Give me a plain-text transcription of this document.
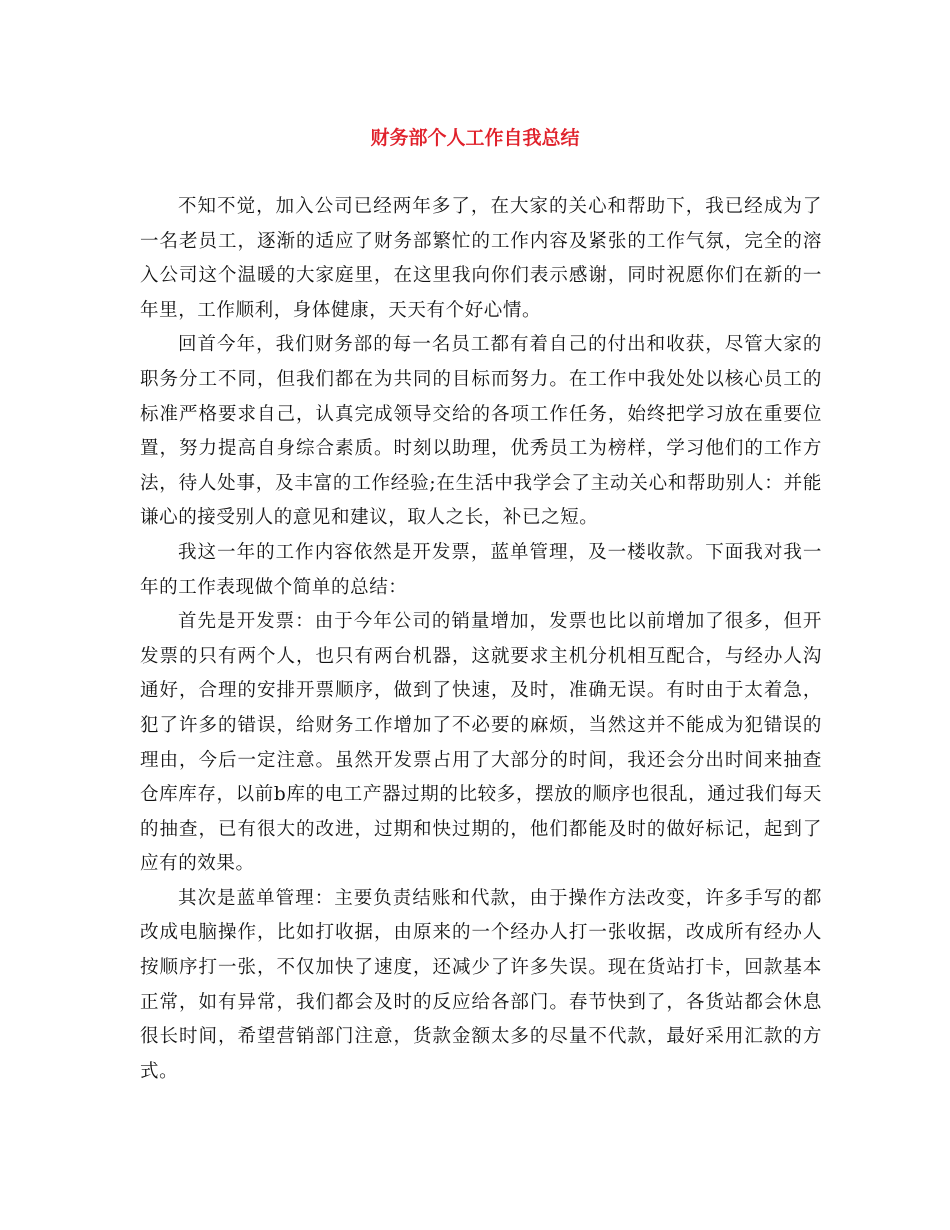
财务部个人工作自我总结

不知不觉，加入公司已经两年多了，在大家的关心和帮助下，我已经成为了一名老员工，逐渐的适应了财务部繁忙的工作内容及紧张的工作气氛，完全的溶入公司这个温暖的大家庭里，在这里我向你们表示感谢，同时祝愿你们在新的一年里，工作顺利，身体健康，天天有个好心情。

回首今年，我们财务部的每一名员工都有着自己的付出和收获，尽管大家的职务分工不同，但我们都在为共同的目标而努力。在工作中我处处以核心员工的标准严格要求自己，认真完成领导交给的各项工作任务，始终把学习放在重要位置，努力提高自身综合素质。时刻以助理，优秀员工为榜样，学习他们的工作方法，待人处事，及丰富的工作经验;在生活中我学会了主动关心和帮助别人：并能谦心的接受别人的意见和建议，取人之长，补已之短。

我这一年的工作内容依然是开发票，蓝单管理，及一楼收款。下面我对我一年的工作表现做个简单的总结：

首先是开发票：由于今年公司的销量增加，发票也比以前增加了很多，但开发票的只有两个人，也只有两台机器，这就要求主机分机相互配合，与经办人沟通好，合理的安排开票顺序，做到了快速，及时，准确无误。有时由于太着急，犯了许多的错误，给财务工作增加了不必要的麻烦，当然这并不能成为犯错误的理由，今后一定注意。虽然开发票占用了大部分的时间，我还会分出时间来抽查仓库库存，以前b库的电工产器过期的比较多，摆放的顺序也很乱，通过我们每天的抽查，已有很大的改进，过期和快过期的，他们都能及时的做好标记，起到了应有的效果。

其次是蓝单管理：主要负责结账和代款，由于操作方法改变，许多手写的都改成电脑操作，比如打收据，由原来的一个经办人打一张收据，改成所有经办人按顺序打一张，不仅加快了速度，还减少了许多失误。现在货站打卡，回款基本正常，如有异常，我们都会及时的反应给各部门。春节快到了，各货站都会休息很长时间，希望营销部门注意，货款金额太多的尽量不代款，最好采用汇款的方式。
